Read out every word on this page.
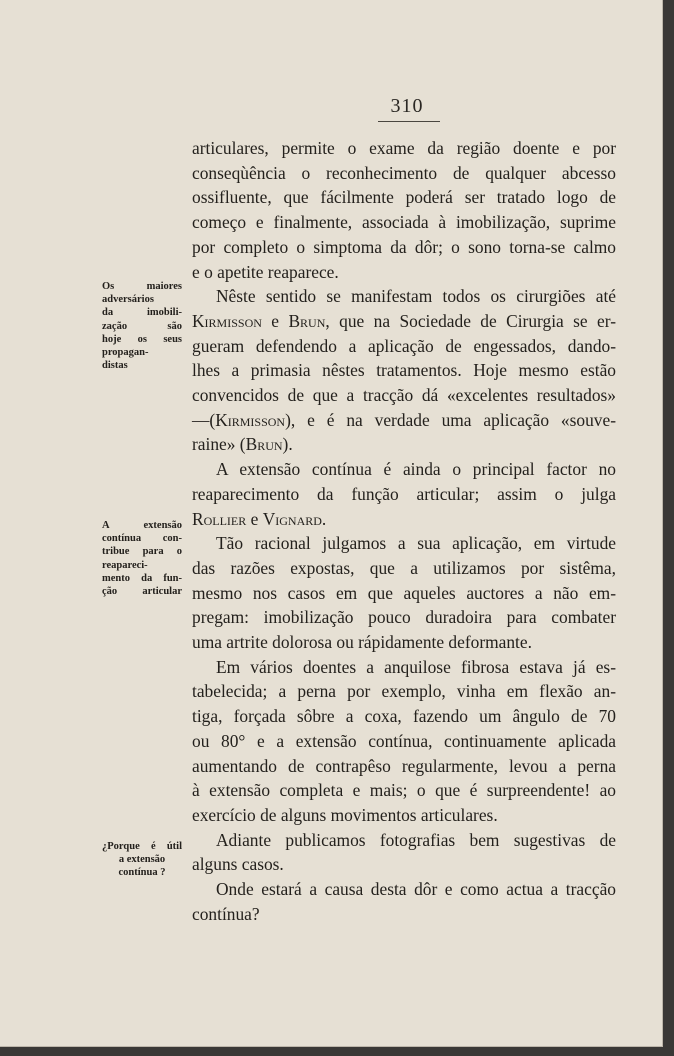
310
Os maiores
adversários
da imobili-
zação são
hoje os seus
propagan-
distas
A extensão
contínua con-
tribue para o
reapareci-
mento da fun-
ção articular
¿Porque é útil
a extensão
contínua ?

articulares, permite o exame da região doente e por
conseqùência o reconhecimento de qualquer abcesso
ossifluente, que fácilmente poderá ser tratado logo de
começo e finalmente, associada à imobilização, suprime
por completo o simptoma da dôr; o sono torna-se calmo
e o apetite reaparece.

Nêste sentido se manifestam todos os cirurgiões até
Kirmisson e Brun, que na Sociedade de Cirurgia se er-
gueram defendendo a aplicação de engessados, dando-
lhes a primasia nêstes tratamentos. Hoje mesmo estão
convencidos de que a tracção dá «excelentes resultados»
—(Kirmisson), e é na verdade uma aplicação «souve-
raine» (Brun).

A extensão contínua é ainda o principal factor no
reaparecimento da função articular; assim o julga
Rollier e Vignard.

Tão racional julgamos a sua aplicação, em virtude
das razões expostas, que a utilizamos por sistêma,
mesmo nos casos em que aqueles auctores a não em-
pregam: imobilização pouco duradoira para combater
uma artrite dolorosa ou rápidamente deformante.

Em vários doentes a anquilose fibrosa estava já es-
tabelecida; a perna por exemplo, vinha em flexão an-
tiga, forçada sôbre a coxa, fazendo um ângulo de 70
ou 80° e a extensão contínua, continuamente aplicada
aumentando de contrapêso regularmente, levou a perna
à extensão completa e mais; o que é surpreendente! ao
exercício de alguns movimentos articulares.

Adiante publicamos fotografias bem sugestivas de
alguns casos.

Onde estará a causa desta dôr e como actua a tracção
contínua?
